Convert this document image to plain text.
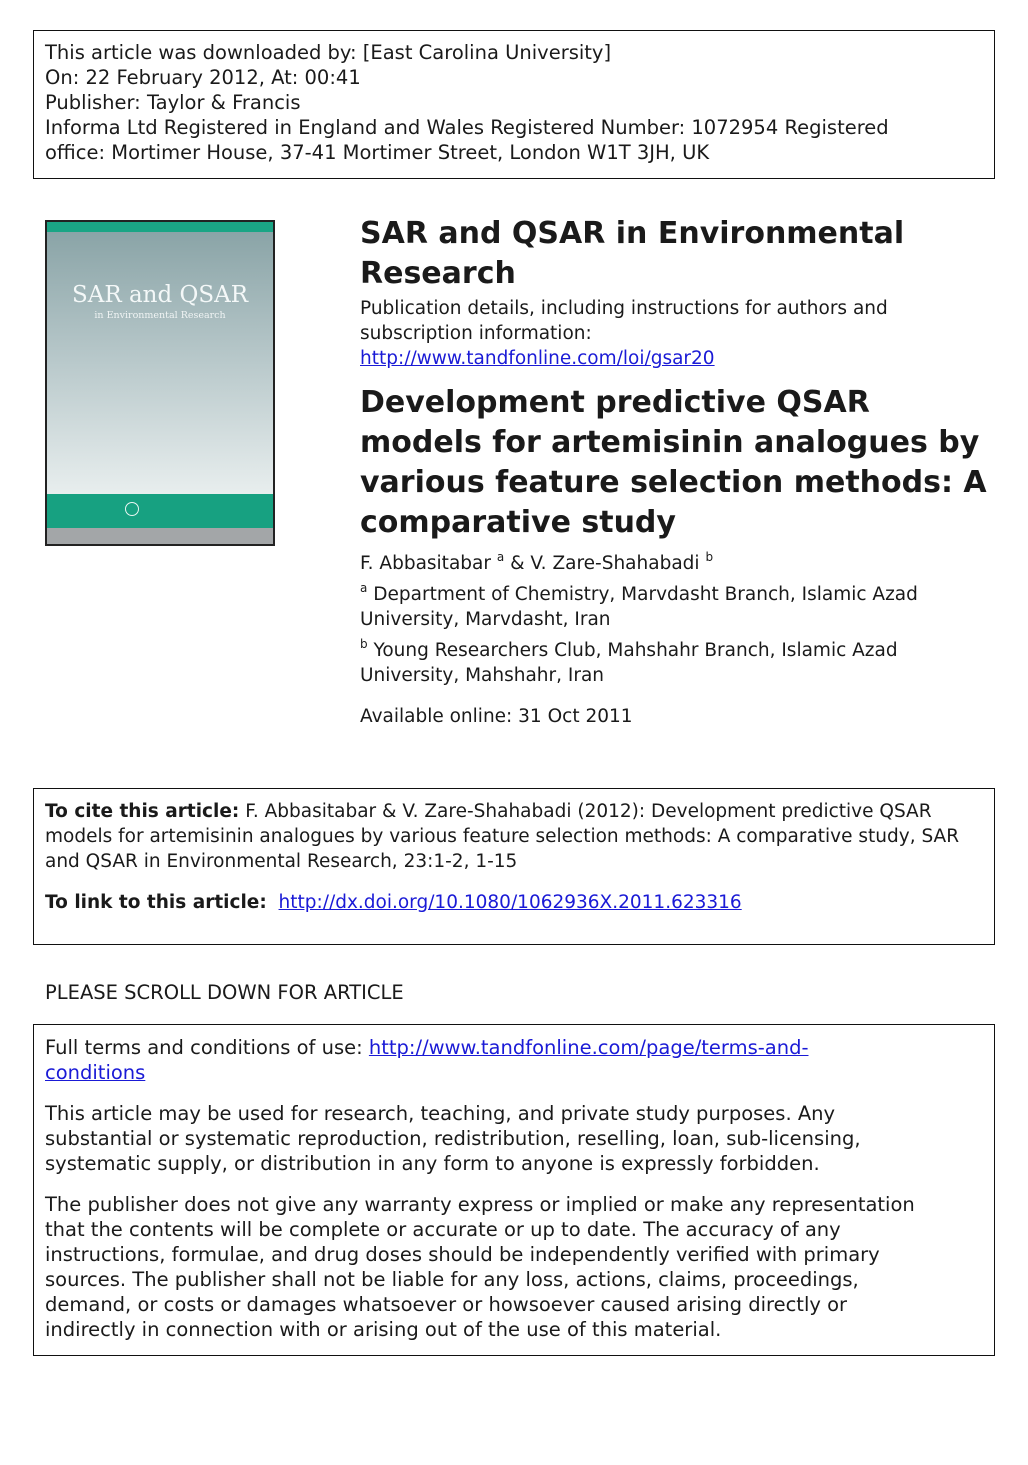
This article was downloaded by: [East Carolina University]
On: 22 February 2012, At: 00:41
Publisher: Taylor & Francis
Informa Ltd Registered in England and Wales Registered Number: 1072954 Registered
office: Mortimer House, 37-41 Mortimer Street, London W1T 3JH, UK
SAR and QSAR
in Environmental Research
SAR and QSAR in Environmental
Research
Publication details, including instructions for authors and
subscription information:
http://www.tandfonline.com/loi/gsar20
Development predictive QSAR
models for artemisinin analogues by
various feature selection methods: A
comparative study
F. Abbasitabar $^a$ & V. Zare-Shahabadi $^b$
$^a$ Department of Chemistry, Marvdasht Branch, Islamic Azad
University, Marvdasht, Iran
$^b$ Young Researchers Club, Mahshahr Branch, Islamic Azad
University, Mahshahr, Iran
Available online: 31 Oct 2011
To cite this article: F. Abbasitabar & V. Zare-Shahabadi (2012): Development predictive QSAR
models for artemisinin analogues by various feature selection methods: A comparative study, SAR
and QSAR in Environmental Research, 23:1-2, 1-15
To link to this article: http://dx.doi.org/10.1080/1062936X.2011.623316
PLEASE SCROLL DOWN FOR ARTICLE

Full terms and conditions of use: http://www.tandfonline.com/page/terms-and-
conditions

This article may be used for research, teaching, and private study purposes. Any
substantial or systematic reproduction, redistribution, reselling, loan, sub-licensing,
systematic supply, or distribution in any form to anyone is expressly forbidden.

The publisher does not give any warranty express or implied or make any representation
that the contents will be complete or accurate or up to date. The accuracy of any
instructions, formulae, and drug doses should be independently verified with primary
sources. The publisher shall not be liable for any loss, actions, claims, proceedings,
demand, or costs or damages whatsoever or howsoever caused arising directly or
indirectly in connection with or arising out of the use of this material.
